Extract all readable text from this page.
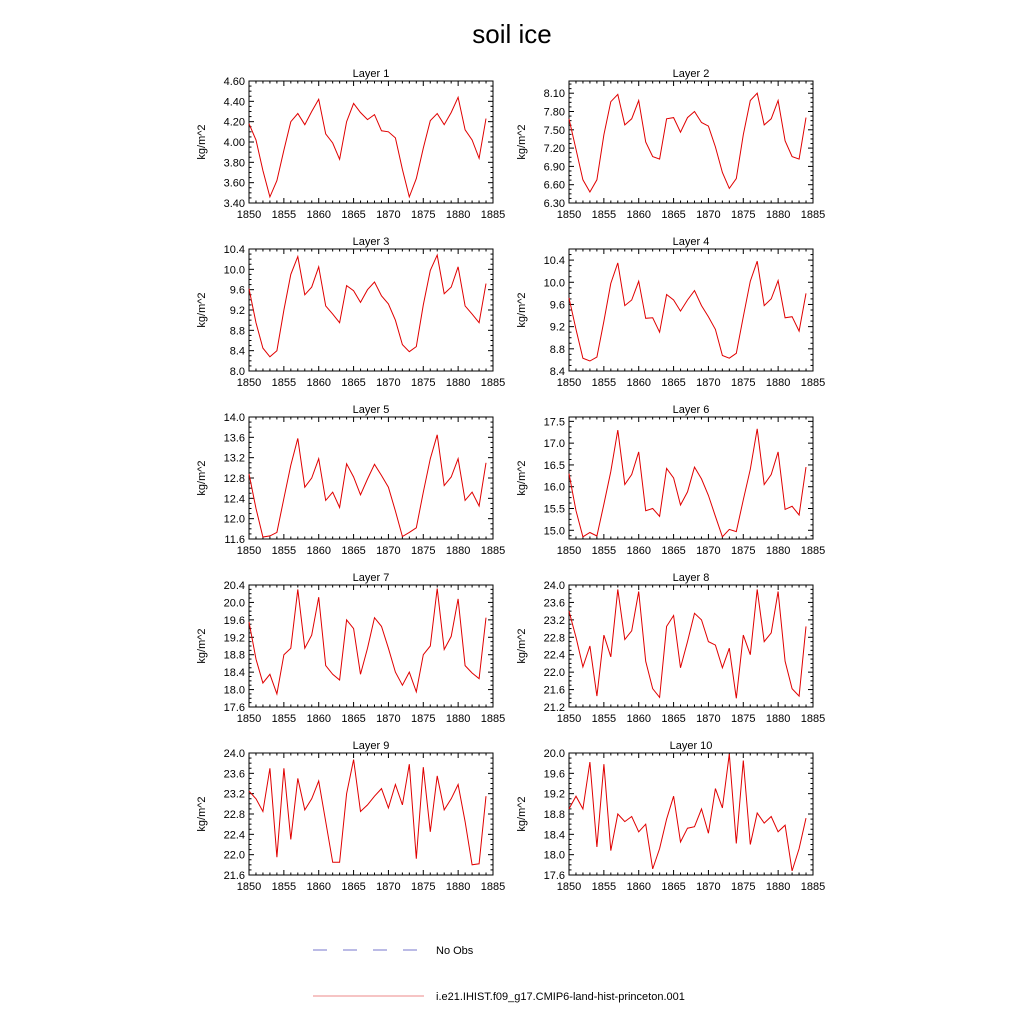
soil ice
Layer 1
1850 1855 1860 1865 1870 1875 1880 1885
3.40
3.60
3.80
4.00
4.20
4.40
4.60
kg/m^2
Layer 2
1850 1855 1860 1865 1870 1875 1880 1885
6.30
6.60
6.90
7.20
7.50
7.80
8.10
kg/m^2
Layer 3
1850 1855 1860 1865 1870 1875 1880 1885
8.0
8.4
8.8
9.2
9.6
10.0
10.4
kg/m^2
Layer 4
1850 1855 1860 1865 1870 1875 1880 1885
8.4
8.8
9.2
9.6
10.0
10.4
kg/m^2
Layer 5
1850 1855 1860 1865 1870 1875 1880 1885
11.6
12.0
12.4
12.8
13.2
13.6
14.0
kg/m^2
Layer 6
1850 1855 1860 1865 1870 1875 1880 1885
15.0
15.5
16.0
16.5
17.0
17.5
kg/m^2
Layer 7
1850 1855 1860 1865 1870 1875 1880 1885
17.6
18.0
18.4
18.8
19.2
19.6
20.0
20.4
kg/m^2
Layer 8
1850 1855 1860 1865 1870 1875 1880 1885
21.2
21.6
22.0
22.4
22.8
23.2
23.6
24.0
kg/m^2
Layer 9
1850 1855 1860 1865 1870 1875 1880 1885
21.6
22.0
22.4
22.8
23.2
23.6
24.0
kg/m^2
Layer 10
1850 1855 1860 1865 1870 1875 1880 1885
17.6
18.0
18.4
18.8
19.2
19.6
20.0
kg/m^2
No Obs
i.e21.IHIST.f09_g17.CMIP6-land-hist-princeton.001
